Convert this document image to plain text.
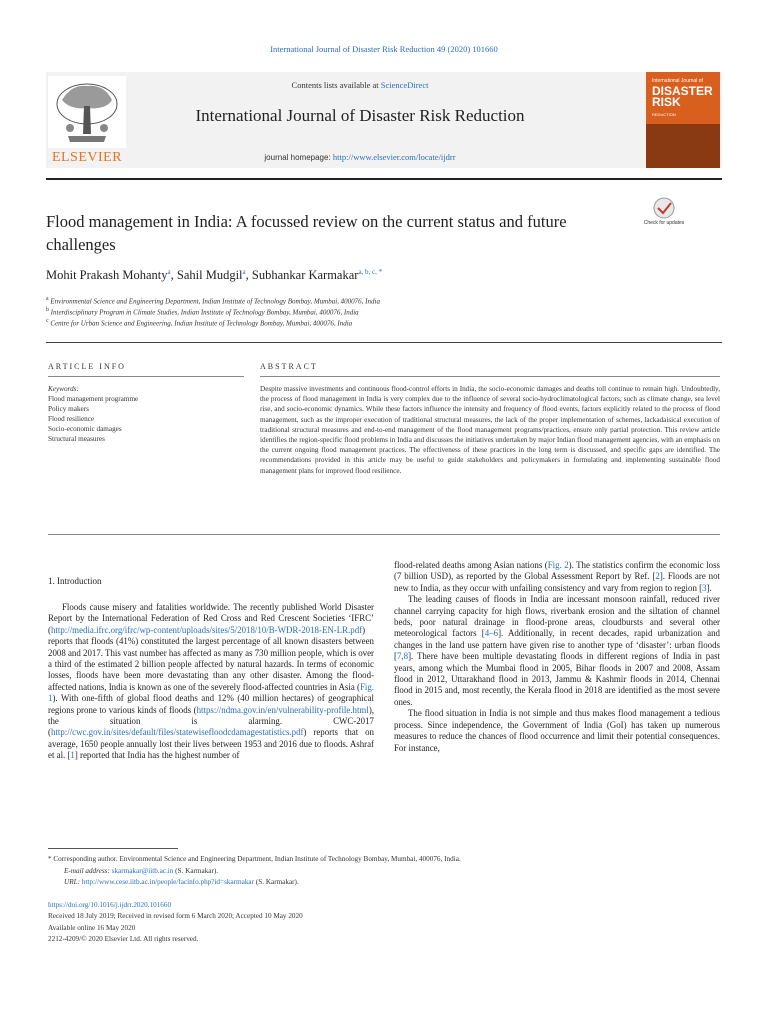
International Journal of Disaster Risk Reduction 49 (2020) 101660
ELSEVIER
Contents lists available at ScienceDirect
International Journal of Disaster Risk Reduction
journal homepage: http://www.elsevier.com/locate/ijdrr
International Journal of
DISASTER
RISK
REDUCTION
Flood management in India: A focussed review on the current status and future challenges
Check for updates
Mohit Prakash Mohanty$^a$, Sahil Mudgil$^a$, Subhankar Karmakar$^{a, b, c, *}$
$^a$ Environmental Science and Engineering Department, Indian Institute of Technology Bombay, Mumbai, 400076, India
$^b$ Interdisciplinary Program in Climate Studies, Indian Institute of Technology Bombay, Mumbai, 400076, India
$^c$ Centre for Urban Science and Engineering, Indian Institute of Technology Bombay, Mumbai, 400076, India
ARTICLE INFO	ABSTRACT
Keywords:
Flood management programme
Policy makers
Flood resilience
Socio-economic damages
Structural measures
Despite massive investments and continuous flood-control efforts in India, the socio-economic damages and deaths toll continue to remain high. Undoubtedly, the process of flood management in India is very complex due to the influence of several socio-hydroclimatological factors, such as climate change, sea level rise, and socio-economic dynamics. While these factors influence the intensity and frequency of flood events, factors explicitly related to the process of flood management, such as the improper execution of traditional structural measures, the lack of the proper implementation of schemes, lackadaisical execution of traditional structural measures and end-to-end management of the flood management programs/practices, ensure only partial protection. This review article identifies the region-specific flood problems in India and discusses the initiatives undertaken by major Indian flood management agencies, with an emphasis on the current ongoing flood management practices. The effectiveness of these practices in the long term is discussed, and specific gaps are identified. The recommendations provided in this article may be useful to guide stakeholders and policymakers in formulating and implementing sustainable flood management plans for improved flood resilience.
1. Introduction

Floods cause misery and fatalities worldwide. The recently published World Disaster Report by the International Federation of Red Cross and Red Crescent Societies ‘IFRC’ (http://media.ifrc.org/ifrc/wp-content/uploads/sites/5/2018/10/B-WDR-2018-EN-LR.pdf) reports that floods (41%) constituted the largest percentage of all known disasters between 2008 and 2017. This vast number has affected as many as 730 million people, which is over a third of the estimated 2 billion people affected by natural hazards. In terms of economic losses, floods have been more devastating than any other disaster. Among the flood-affected nations, India is known as one of the severely flood-affected countries in Asia (Fig. 1). With one-fifth of global flood deaths and 12% (40 million hectares) of geographical regions prone to various kinds of floods (https://ndma.gov.in/en/vulnerability-profile.html), the situation is alarming. CWC-2017 (http://cwc.gov.in/sites/default/files/statewisefloodcdamagestatistics.pdf) reports that on average, 1650 people annually lost their lives between 1953 and 2016 due to floods. Ashraf et al. [1] reported that India has the highest number of

flood-related deaths among Asian nations (Fig. 2). The statistics confirm the economic loss (7 billion USD), as reported by the Global Assessment Report by Ref. [2]. Floods are not new to India, as they occur with unfailing consistency and vary from region to region [3].

The leading causes of floods in India are incessant monsoon rainfall, reduced river channel carrying capacity for high flows, riverbank erosion and the siltation of channel beds, poor natural drainage in flood-prone areas, cloudbursts and several other meteorological factors [4–6]. Additionally, in recent decades, rapid urbanization and changes in the land use pattern have given rise to another type of ‘disaster’: urban floods [7,8]. There have been multiple devastating floods in different regions of India in past years, among which the Mumbai flood in 2005, Bihar floods in 2007 and 2008, Assam flood in 2012, Uttarakhand flood in 2013, Jammu & Kashmir floods in 2014, Chennai flood in 2015 and, most recently, the Kerala flood in 2018 are identified as the most severe ones.

The flood situation in India is not simple and thus makes flood management a tedious process. Since independence, the Government of India (GoI) has taken up numerous measures to reduce the chances of flood occurrence and limit their potential consequences. For instance,

* Corresponding author. Environmental Science and Engineering Department, Indian Institute of Technology Bombay, Mumbai, 400076, India.

E-mail address: skarmakar@iitb.ac.in (S. Karmakar).

URL: http://www.cese.iitb.ac.in/people/facinfo.php?id=skarmakar (S. Karmakar).

https://doi.org/10.1016/j.ijdrr.2020.101660

Received 18 July 2019; Received in revised form 6 March 2020; Accepted 10 May 2020

Available online 16 May 2020

2212-4209/© 2020 Elsevier Ltd. All rights reserved.
